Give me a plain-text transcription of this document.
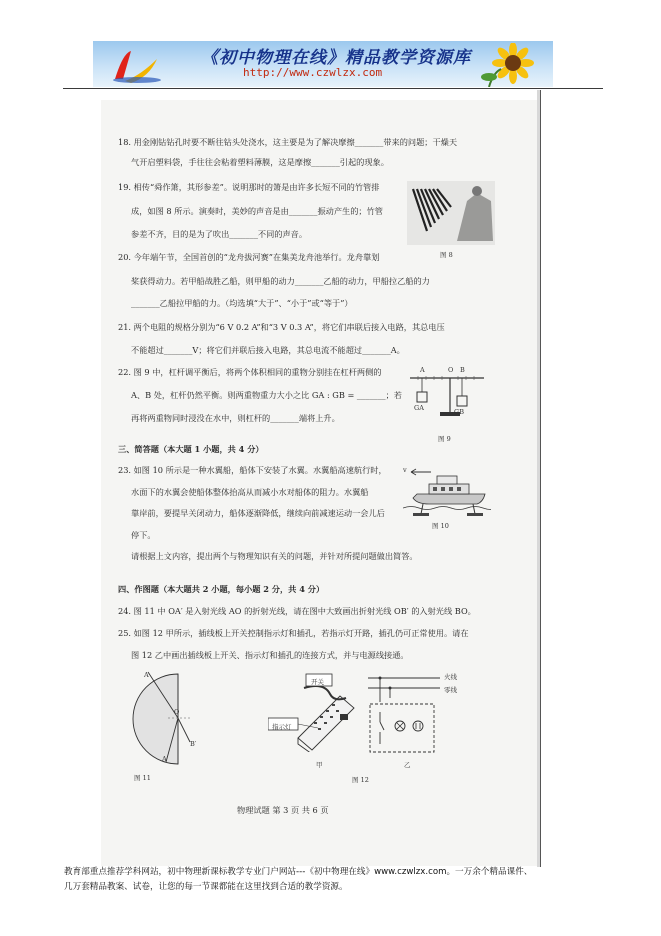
《初中物理在线》精品教学资源库
http://www.czwlzx.com
18. 用金刚钻钻孔时要不断往钻头处浇水，这主要是为了解决摩擦_______带来的问题；干燥天
气开启塑料袋，手往往会粘着塑料薄膜，这是摩擦_______引起的现象。
19. 相传“舜作箫，其形参差”。说明那时的箫是由许多长短不同的竹管排
成，如图 8 所示。演奏时，美妙的声音是由_______振动产生的；竹管
参差不齐，目的是为了吹出_______不同的声音。
图 8
20. 今年端午节，全国首创的“龙舟拔河赛”在集美龙舟池举行。龙舟靠划
桨获得动力。若甲船战胜乙船，则甲船的动力_______乙船的动力，甲船拉乙船的力
_______乙船拉甲船的力。（均选填“大于”、“小于”或“等于”）
21. 两个电阻的规格分别为“6 V 0.2 A”和“3 V 0.3 A”，将它们串联后接入电路，其总电压
不能超过_______V；将它们并联后接入电路，其总电流不能超过_______A。
22. 图 9 中，杠杆调平衡后，将两个体积相同的重物分别挂在杠杆两侧的
A、B 处，杠杆仍然平衡。则两重物重力大小之比 GA : GB = _______；若
再将两重物同时浸没在水中，则杠杆的_______端将上升。
A	O B
GA	GB
图 9
三、简答题（本大题 1 小题，共 4 分）
23. 如图 10 所示是一种水翼船，船体下安装了水翼。水翼船高速航行时，
水面下的水翼会使船体整体抬高从而减小水对船体的阻力。水翼船
靠岸前，要提早关闭动力，船体逐渐降低，继续向前减速运动一会儿后
停下。
请根据上文内容，提出两个与物理知识有关的问题，并针对所提问题做出简答。
v
图 10
四、作图题（本大题共 2 小题，每小题 2 分，共 4 分）
24. 图 11 中 OA′ 是入射光线 AO 的折射光线，请在图中大致画出折射光线 OB′ 的入射光线 BO。
25. 如图 12 甲所示，插线板上开关控制指示灯和插孔，若指示灯开路，插孔仍可正常使用。请在
图 12 乙中画出插线板上开关、指示灯和插孔的连接方式，并与电源线接通。
A
O
B′
A′
图 11
开关
指示灯
甲
火线
零线
乙
图 12
物理试题 第 3 页 共 6 页
教育部重点推荐学科网站，初中物理新课标教学专业门户网站---《初中物理在线》www.czwlzx.com。一万余个精品课件、
几万套精品教案、试卷，让您的每一节课都能在这里找到合适的教学资源。
